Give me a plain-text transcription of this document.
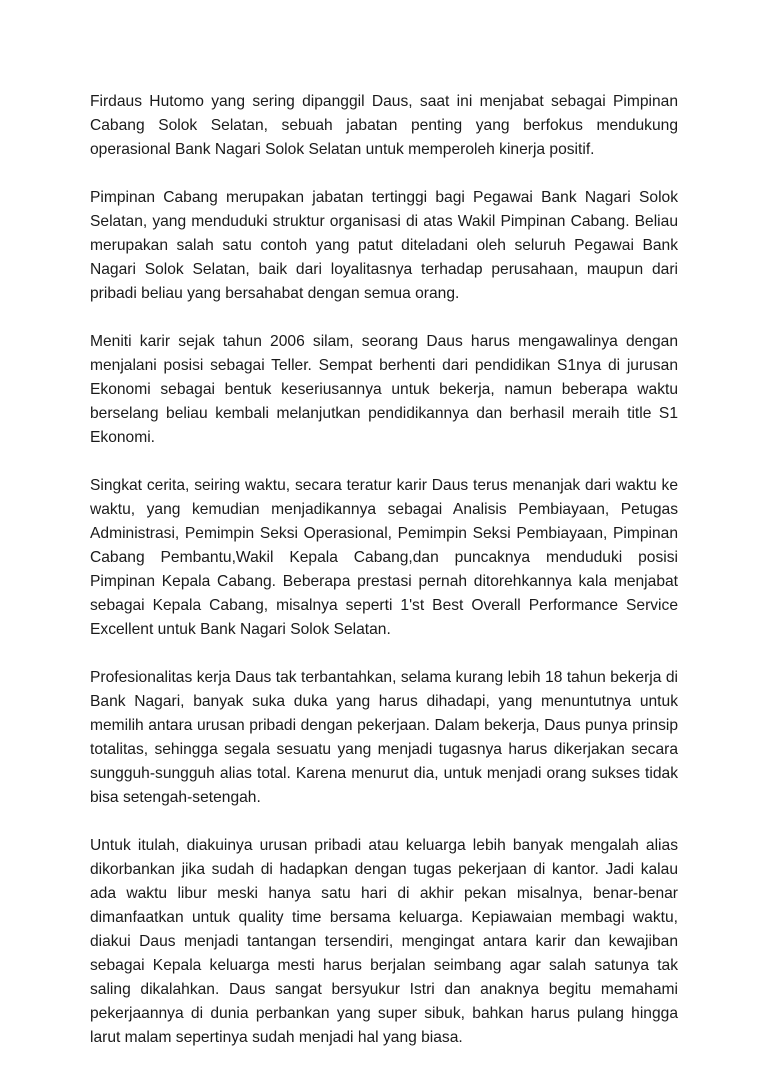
Firdaus Hutomo yang sering dipanggil Daus, saat ini menjabat sebagai Pimpinan Cabang Solok Selatan, sebuah jabatan penting yang berfokus mendukung operasional Bank Nagari Solok Selatan untuk memperoleh kinerja positif.

Pimpinan Cabang merupakan jabatan tertinggi bagi Pegawai Bank Nagari Solok Selatan, yang menduduki struktur organisasi di atas Wakil Pimpinan Cabang. Beliau merupakan salah satu contoh yang patut diteladani oleh seluruh Pegawai Bank Nagari Solok Selatan, baik dari loyalitasnya terhadap perusahaan, maupun dari pribadi beliau yang bersahabat dengan semua orang.

Meniti karir sejak tahun 2006 silam, seorang Daus harus mengawalinya dengan menjalani posisi sebagai Teller. Sempat berhenti dari pendidikan S1nya di jurusan Ekonomi sebagai bentuk keseriusannya untuk bekerja, namun beberapa waktu berselang beliau kembali melanjutkan pendidikannya dan berhasil meraih title S1 Ekonomi.

Singkat cerita, seiring waktu, secara teratur karir Daus terus menanjak dari waktu ke waktu, yang kemudian menjadikannya sebagai Analisis Pembiayaan, Petugas Administrasi, Pemimpin Seksi Operasional, Pemimpin Seksi Pembiayaan, Pimpinan Cabang Pembantu,Wakil Kepala Cabang,dan puncaknya menduduki posisi Pimpinan Kepala Cabang. Beberapa prestasi pernah ditorehkannya kala menjabat sebagai Kepala Cabang, misalnya seperti 1'st Best Overall Performance Service Excellent untuk Bank Nagari Solok Selatan.

Profesionalitas kerja Daus tak terbantahkan, selama kurang lebih 18 tahun bekerja di Bank Nagari, banyak suka duka yang harus dihadapi, yang menuntutnya untuk memilih antara urusan pribadi dengan pekerjaan. Dalam bekerja, Daus punya prinsip totalitas, sehingga segala sesuatu yang menjadi tugasnya harus dikerjakan secara sungguh-sungguh alias total. Karena menurut dia, untuk menjadi orang sukses tidak bisa setengah-setengah.

Untuk itulah, diakuinya urusan pribadi atau keluarga lebih banyak mengalah alias dikorbankan jika sudah di hadapkan dengan tugas pekerjaan di kantor. Jadi kalau ada waktu libur meski hanya satu hari di akhir pekan misalnya, benar-benar dimanfaatkan untuk quality time bersama keluarga. Kepiawaian membagi waktu, diakui Daus menjadi tantangan tersendiri, mengingat antara karir dan kewajiban sebagai Kepala keluarga mesti harus berjalan seimbang agar salah satunya tak saling dikalahkan. Daus sangat bersyukur Istri dan anaknya begitu memahami pekerjaannya di dunia perbankan yang super sibuk, bahkan harus pulang hingga larut malam sepertinya sudah menjadi hal yang biasa.
